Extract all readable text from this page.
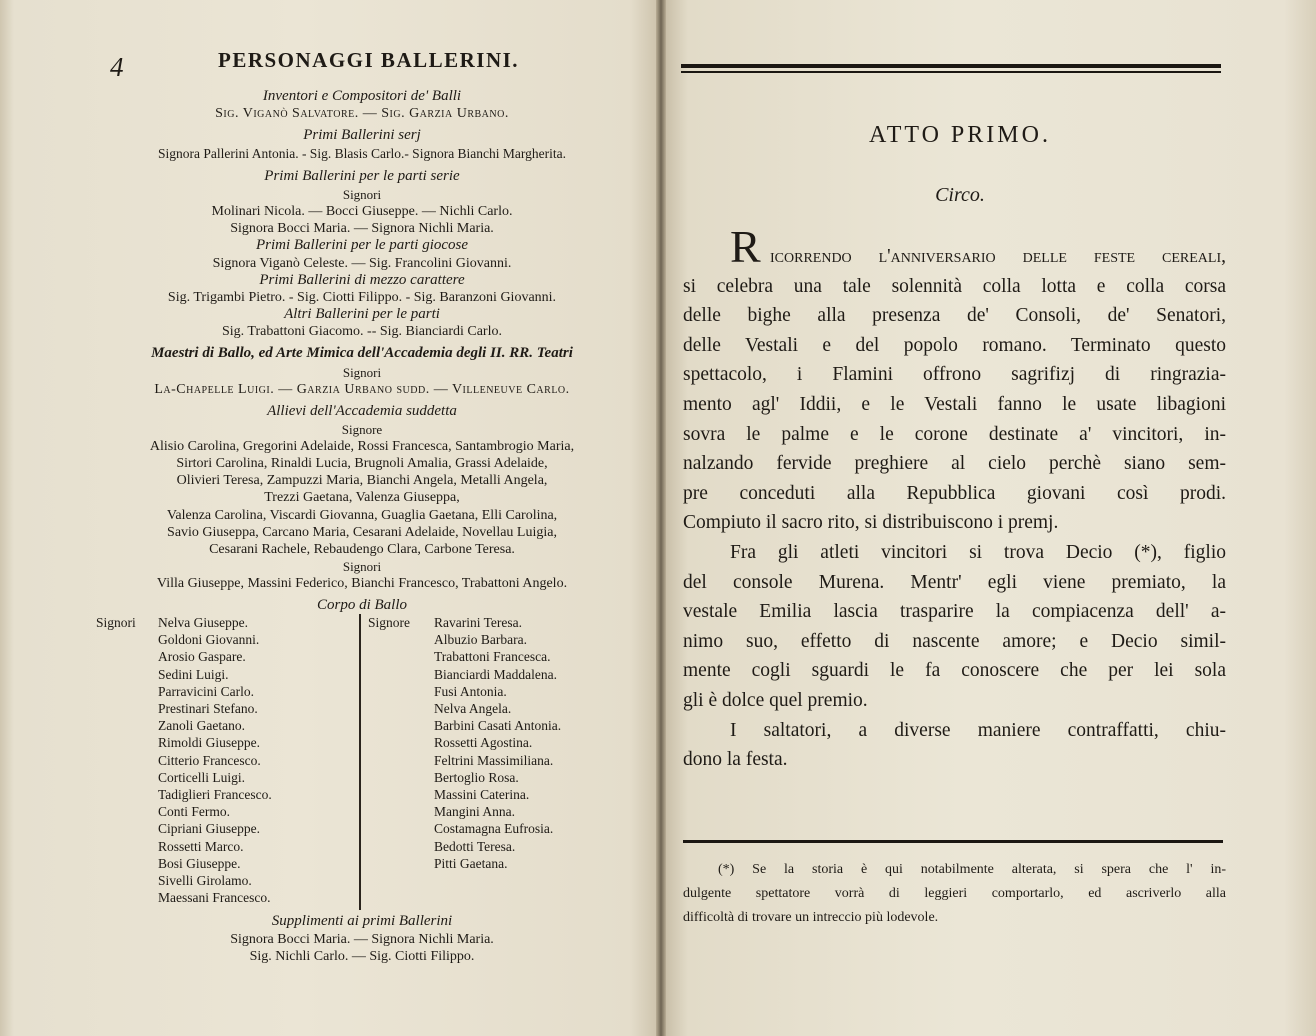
4	PERSONAGGI BALLERINI.
Inventori e Compositori de' Balli
Sig. Viganò Salvatore. — Sig. Garzia Urbano.
Primi Ballerini serj
Signora Pallerini Antonia. - Sig. Blasis Carlo.- Signora Bianchi Margherita.
Primi Ballerini per le parti serie
Signori
Molinari Nicola. — Bocci Giuseppe. — Nichli Carlo.
Signora Bocci Maria. — Signora Nichli Maria.
Primi Ballerini per le parti giocose
Signora Viganò Celeste. — Sig. Francolini Giovanni.
Primi Ballerini di mezzo carattere
Sig. Trigambi Pietro. - Sig. Ciotti Filippo. - Sig. Baranzoni Giovanni.
Altri Ballerini per le parti
Sig. Trabattoni Giacomo. -- Sig. Bianciardi Carlo.
Maestri di Ballo, ed Arte Mimica dell'Accademia degli II. RR. Teatri
Signori
La-Chapelle Luigi. — Garzia Urbano sudd. — Villeneuve Carlo.
Allievi dell'Accademia suddetta
Signore
Alisio Carolina, Gregorini Adelaide, Rossi Francesca, Santambrogio Maria,
Sirtori Carolina, Rinaldi Lucia, Brugnoli Amalia, Grassi Adelaide,
Olivieri Teresa, Zampuzzi Maria, Bianchi Angela, Metalli Angela,
Trezzi Gaetana, Valenza Giuseppa,
Valenza Carolina, Viscardi Giovanna, Guaglia Gaetana, Elli Carolina,
Savio Giuseppa, Carcano Maria, Cesarani Adelaide, Novellau Luigia,
Cesarani Rachele, Rebaudengo Clara, Carbone Teresa.
Signori
Villa Giuseppe, Massini Federico, Bianchi Francesco, Trabattoni Angelo.
Corpo di Ballo
Signori Nelva Giuseppe.
Goldoni Giovanni.
Arosio Gaspare.
Sedini Luigi.
Parravicini Carlo.
Prestinari Stefano.
Zanoli Gaetano.
Rimoldi Giuseppe.
Citterio Francesco.
Corticelli Luigi.
Tadiglieri Francesco.
Conti Fermo.
Cipriani Giuseppe.
Rossetti Marco.
Bosi Giuseppe.
Sivelli Girolamo.
Maessani Francesco.
Signore Ravarini Teresa.
Albuzio Barbara.
Trabattoni Francesca.
Bianciardi Maddalena.
Fusi Antonia.
Nelva Angela.
Barbini Casati Antonia.
Rossetti Agostina.
Feltrini Massimiliana.
Bertoglio Rosa.
Massini Caterina.
Mangini Anna.
Costamagna Eufrosia.
Bedotti Teresa.
Pitti Gaetana.
Supplimenti ai primi Ballerini
Signora Bocci Maria. — Signora Nichli Maria.
Sig. Nichli Carlo. — Sig. Ciotti Filippo.
ATTO PRIMO.
Circo.
R icorrendo l'anniversario delle feste cereali,
si celebra una tale solennità colla lotta e colla corsa
delle bighe alla presenza de' Consoli, de' Senatori,
delle Vestali e del popolo romano. Terminato questo
spettacolo, i Flamini offrono sagrifizj di ringrazia-
mento agl' Iddii, e le Vestali fanno le usate libagioni
sovra le palme e le corone destinate a' vincitori, in-
nalzando fervide preghiere al cielo perchè siano sem-
pre conceduti alla Repubblica giovani così prodi.
Compiuto il sacro rito, si distribuiscono i premj.
Fra gli atleti vincitori si trova Decio (*), figlio
del console Murena. Mentr' egli viene premiato, la
vestale Emilia lascia trasparire la compiacenza dell' a-
nimo suo, effetto di nascente amore; e Decio simil-
mente cogli sguardi le fa conoscere che per lei sola
gli è dolce quel premio.
I saltatori, a diverse maniere contraffatti, chiu-
dono la festa.
(*) Se la storia è qui notabilmente alterata, si spera che l' in-
dulgente spettatore vorrà di leggieri comportarlo, ed ascriverlo alla
difficoltà di trovare un intreccio più lodevole.
